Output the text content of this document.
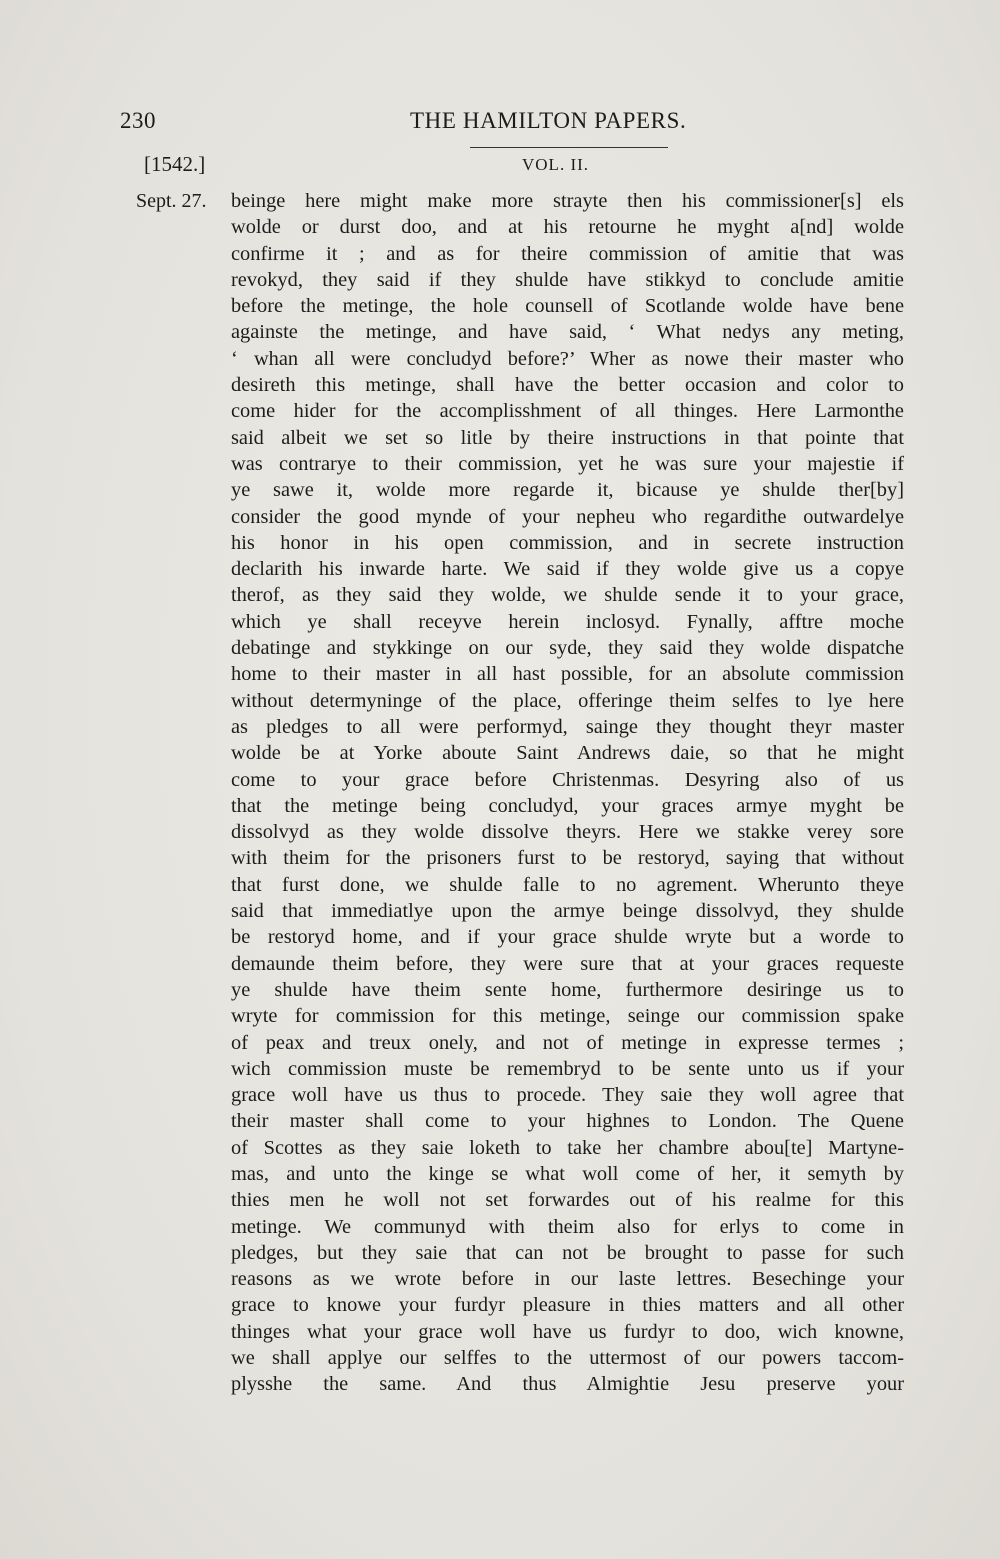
230	THE HAMILTON PAPERS.
[1542.]	VOL. II.
Sept. 27. beinge here might make more strayte then his commissioner[s] els
wolde or durst doo, and at his retourne he myght a[nd] wolde
confirme it ; and as for theire commission of amitie that was
revokyd, they said if they shulde have stikkyd to conclude amitie
before the metinge, the hole counsell of Scotlande wolde have bene
againste the metinge, and have said, ‘ What nedys any meting,
‘ whan all were concludyd before?’ Wher as nowe their master who
desireth this metinge, shall have the better occasion and color to
come hider for the accomplisshment of all thinges. Here Larmonthe
said albeit we set so litle by theire instructions in that pointe that
was contrarye to their commission, yet he was sure your majestie if
ye sawe it, wolde more regarde it, bicause ye shulde ther[by]
consider the good mynde of your nepheu who regardithe outwardelye
his honor in his open commission, and in secrete instruction
declarith his inwarde harte. We said if they wolde give us a copye
therof, as they said they wolde, we shulde sende it to your grace,
which ye shall receyve herein inclosyd. Fynally, afftre moche
debatinge and stykkinge on our syde, they said they wolde dispatche
home to their master in all hast possible, for an absolute commission
without determyninge of the place, offeringe theim selfes to lye here
as pledges to all were performyd, sainge they thought theyr master
wolde be at Yorke aboute Saint Andrews daie, so that he might
come to your grace before Christenmas. Desyring also of us
that the metinge being concludyd, your graces armye myght be
dissolvyd as they wolde dissolve theyrs. Here we stakke verey sore
with theim for the prisoners furst to be restoryd, saying that without
that furst done, we shulde falle to no agrement. Wherunto theye
said that immediatlye upon the armye beinge dissolvyd, they shulde
be restoryd home, and if your grace shulde wryte but a worde to
demaunde theim before, they were sure that at your graces requeste
ye shulde have theim sente home, furthermore desiringe us to
wryte for commission for this metinge, seinge our commission spake
of peax and treux onely, and not of metinge in expresse termes ;
wich commission muste be remembryd to be sente unto us if your
grace woll have us thus to procede. They saie they woll agree that
their master shall come to your highnes to London. The Quene
of Scottes as they saie loketh to take her chambre abou[te] Martyne-
mas, and unto the kinge se what woll come of her, it semyth by
thies men he woll not set forwardes out of his realme for this
metinge. We communyd with theim also for erlys to come in
pledges, but they saie that can not be brought to passe for such
reasons as we wrote before in our laste lettres. Besechinge your
grace to knowe your furdyr pleasure in thies matters and all other
thinges what your grace woll have us furdyr to doo, wich knowne,
we shall applye our selffes to the uttermost of our powers taccom-
plysshe the same. And thus Almightie Jesu preserve your
